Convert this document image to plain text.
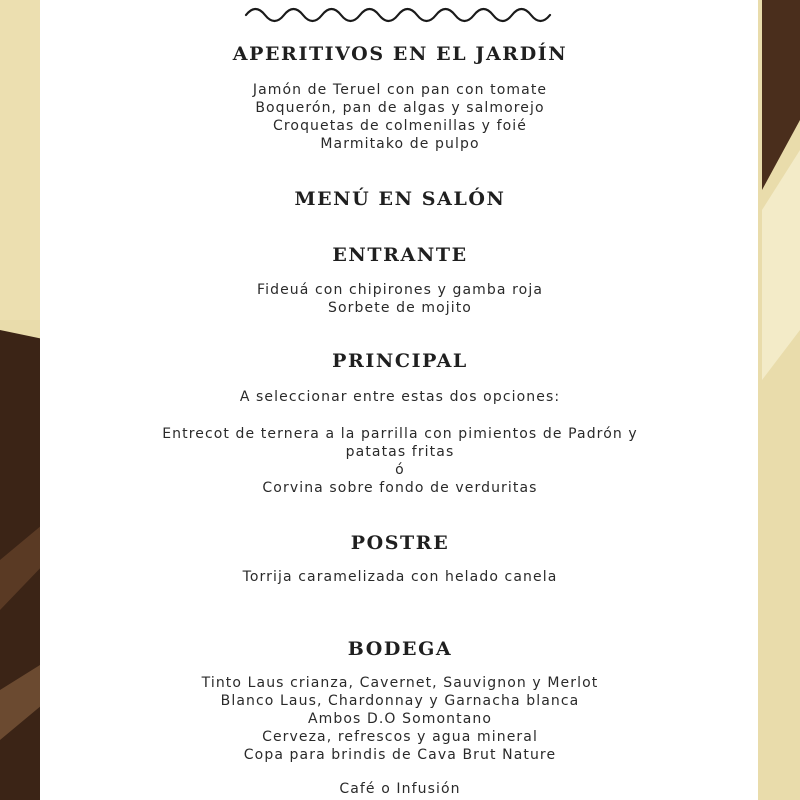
APERITIVOS EN EL JARDÍN

Jamón de Teruel con pan con tomate

Boquerón, pan de algas y salmorejo

Croquetas de colmenillas y foié

Marmitako de pulpo

MENÚ EN SALÓN
ENTRANTE

Fideuá con chipirones y gamba roja

Sorbete de mojito

PRINCIPAL

A seleccionar entre estas dos opciones:

Entrecot de ternera a la parrilla con pimientos de Padrón y

patatas fritas

ó

Corvina sobre fondo de verduritas

POSTRE

Torrija caramelizada con helado canela

BODEGA

Tinto Laus crianza, Cavernet, Sauvignon y Merlot

Blanco Laus, Chardonnay y Garnacha blanca

Ambos D.O Somontano

Cerveza, refrescos y agua mineral

Copa para brindis de Cava Brut Nature

Café o Infusión
